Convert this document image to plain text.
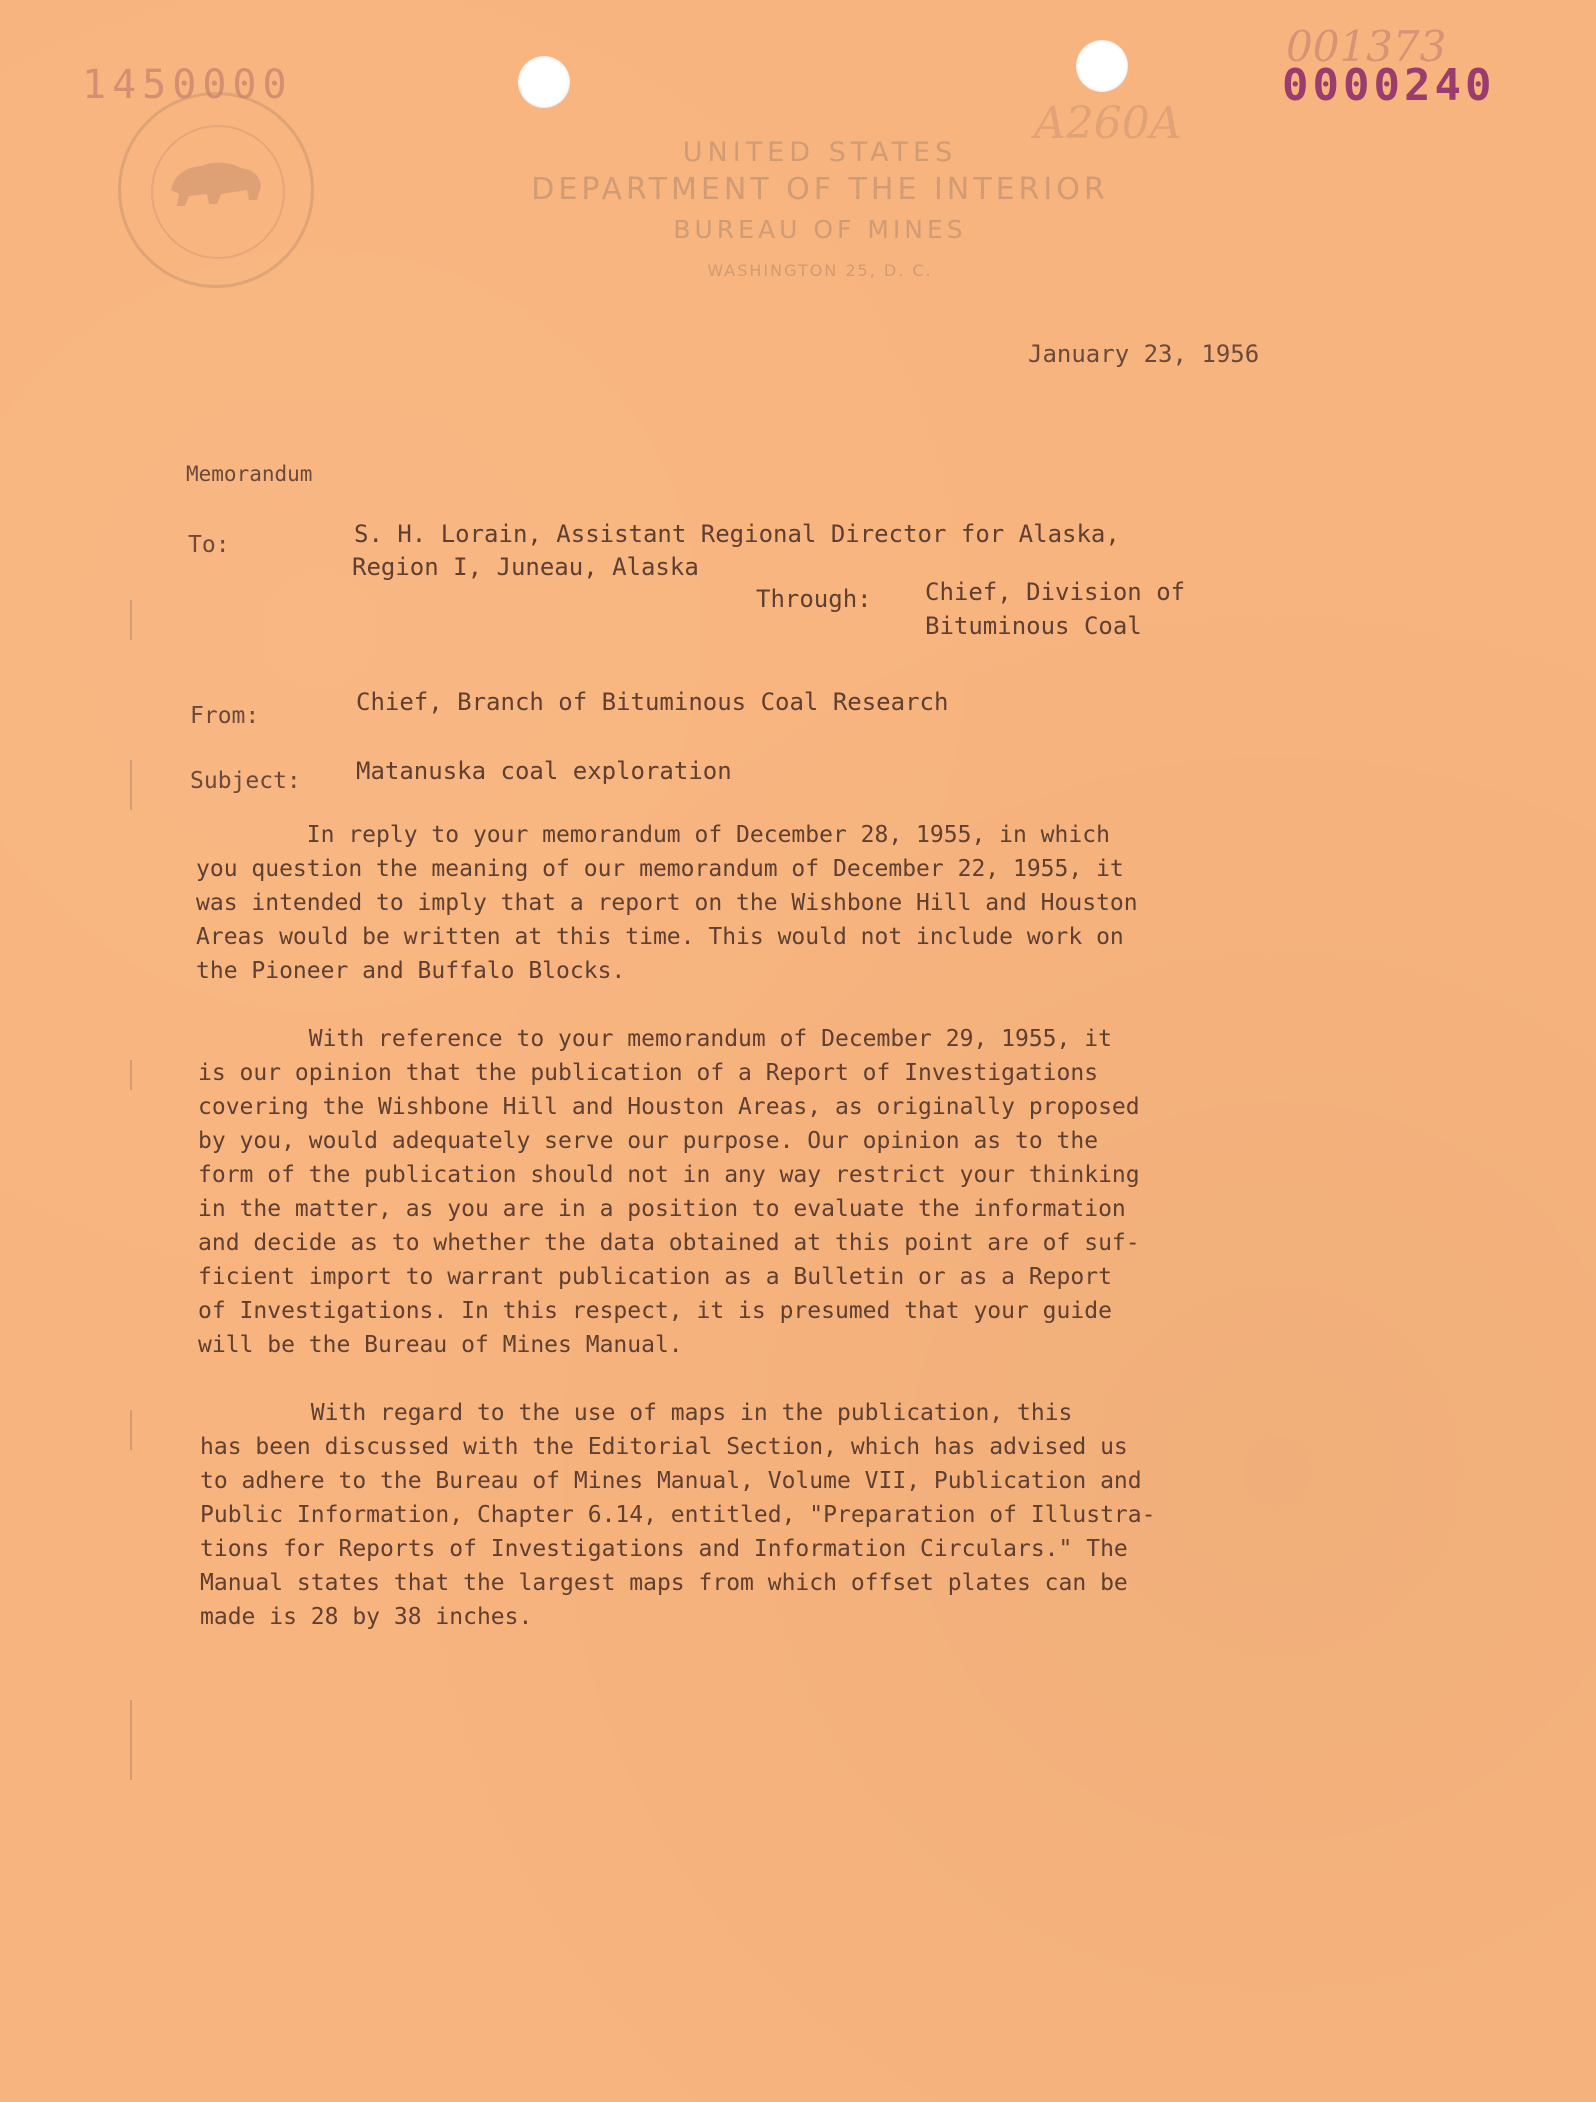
1450000
001373
0000240
A260A
UNITED STATES
DEPARTMENT OF THE INTERIOR
BUREAU OF MINES
WASHINGTON 25, D. C.
January 23, 1956
Memorandum
To:	S. H. Lorain, Assistant Regional Director for Alaska,
Region I, Juneau, Alaska
Through: Chief, Division of
Bituminous Coal
From:	Chief, Branch of Bituminous Coal Research
Subject: Matanuska coal exploration
In reply to your memorandum of December 28, 1955, in which
you question the meaning of our memorandum of December 22, 1955, it
was intended to imply that a report on the Wishbone Hill and Houston
Areas would be written at this time. This would not include work on
the Pioneer and Buffalo Blocks.
With reference to your memorandum of December 29, 1955, it
is our opinion that the publication of a Report of Investigations
covering the Wishbone Hill and Houston Areas, as originally proposed
by you, would adequately serve our purpose. Our opinion as to the
form of the publication should not in any way restrict your thinking
in the matter, as you are in a position to evaluate the information
and decide as to whether the data obtained at this point are of suf-
ficient import to warrant publication as a Bulletin or as a Report
of Investigations. In this respect, it is presumed that your guide
will be the Bureau of Mines Manual.
With regard to the use of maps in the publication, this
has been discussed with the Editorial Section, which has advised us
to adhere to the Bureau of Mines Manual, Volume VII, Publication and
Public Information, Chapter 6.14, entitled, "Preparation of Illustra-
tions for Reports of Investigations and Information Circulars." The
Manual states that the largest maps from which offset plates can be
made is 28 by 38 inches.
